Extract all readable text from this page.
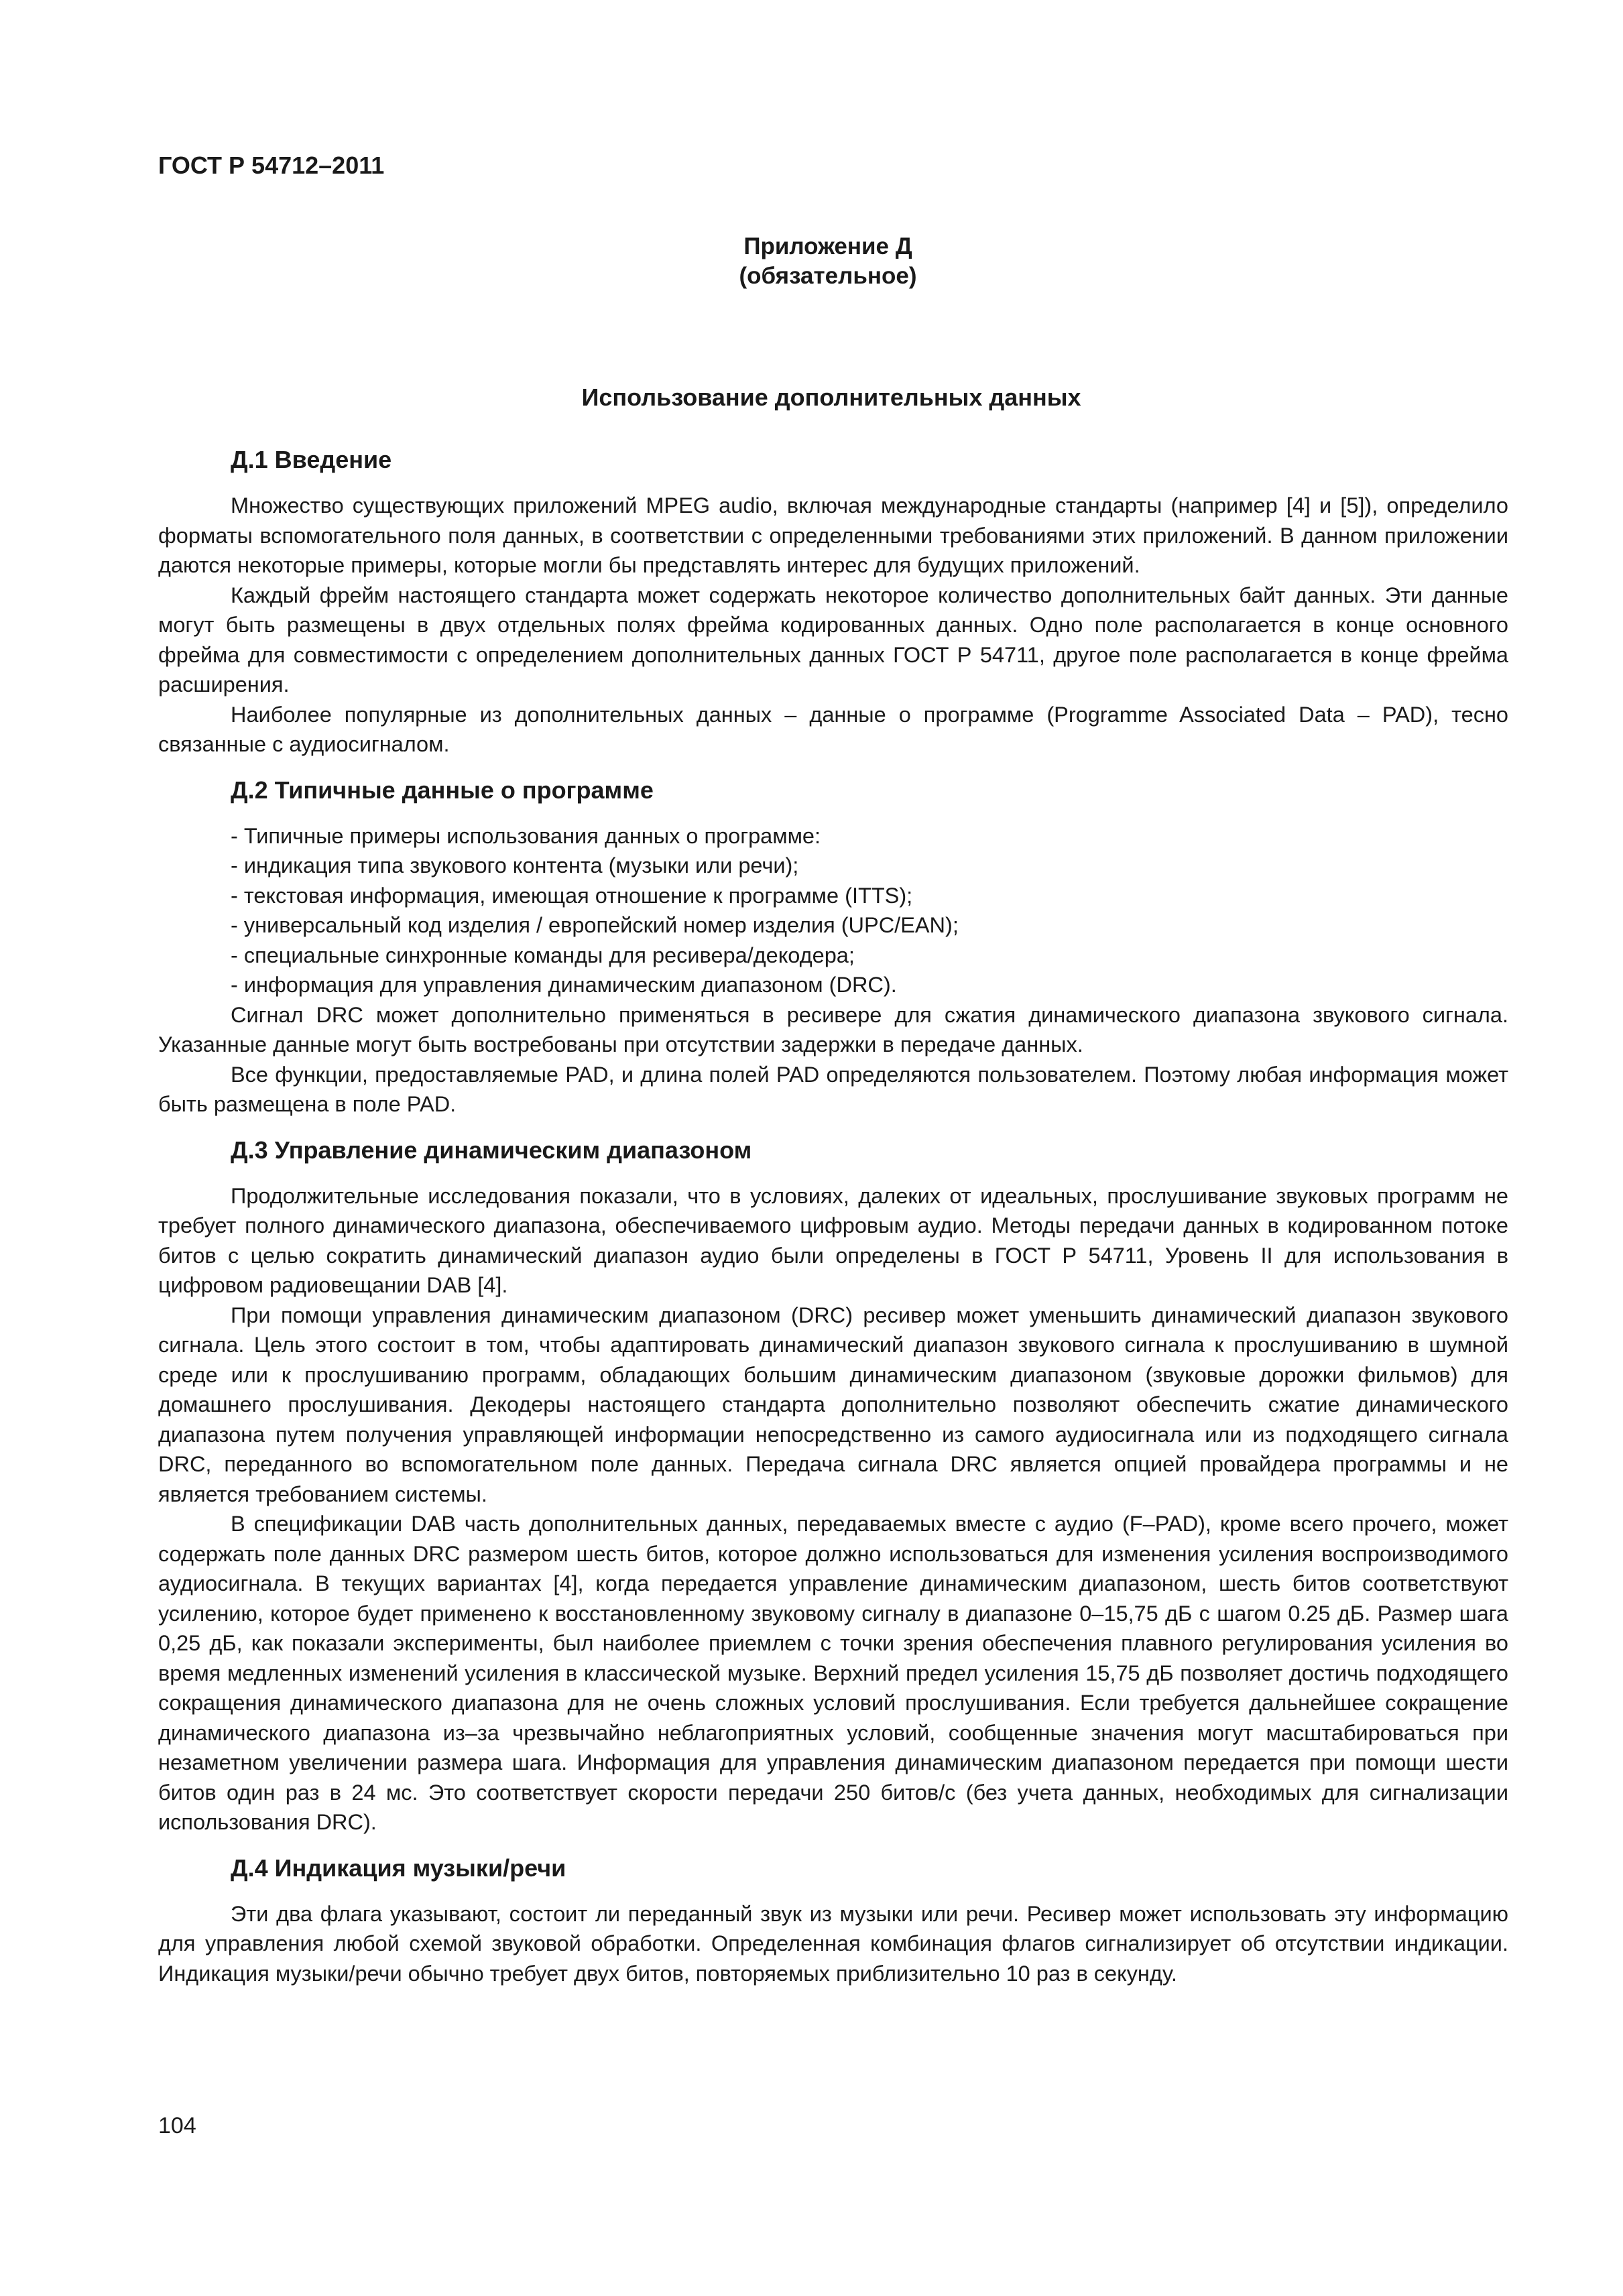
ГОСТ Р 54712–2011
Приложение Д
(обязательное)
Использование дополнительных данных
Д.1 Введение

Множество существующих приложений MPEG audio, включая международные стандарты (например [4] и [5]), определило форматы вспомогательного поля данных, в соответствии с определенными требованиями этих приложений. В данном приложении даются некоторые примеры, которые могли бы представлять интерес для будущих приложений.

Каждый фрейм настоящего стандарта может содержать некоторое количество дополнительных байт данных. Эти данные могут быть размещены в двух отдельных полях фрейма кодированных данных. Одно поле располагается в конце основного фрейма для совместимости с определением дополнительных данных ГОСТ Р 54711, другое поле располагается в конце фрейма расширения.

Наиболее популярные из дополнительных данных – данные о программе (Programme Associated Data – PAD), тесно связанные с аудиосигналом.

Д.2 Типичные данные о программе
- Типичные примеры использования данных о программе:
- индикация типа звукового контента (музыки или речи);
- текстовая информация, имеющая отношение к программе (ITTS);
- универсальный код изделия / европейский номер изделия (UPC/EAN);
- специальные синхронные команды для ресивера/декодера;
- информация для управления динамическим диапазоном (DRC).

Сигнал DRC может дополнительно применяться в ресивере для сжатия динамического диапазона звукового сигнала. Указанные данные могут быть востребованы при отсутствии задержки в передаче данных.

Все функции, предоставляемые PAD, и длина полей PAD определяются пользователем. Поэтому любая информация может быть размещена в поле PAD.

Д.3 Управление динамическим диапазоном

Продолжительные исследования показали, что в условиях, далеких от идеальных, прослушивание звуковых программ не требует полного динамического диапазона, обеспечиваемого цифровым аудио. Методы передачи данных в кодированном потоке битов с целью сократить динамический диапазон аудио были определены в ГОСТ Р 54711, Уровень II для использования в цифровом радиовещании DAB [4].

При помощи управления динамическим диапазоном (DRC) ресивер может уменьшить динамический диапазон звукового сигнала. Цель этого состоит в том, чтобы адаптировать динамический диапазон звукового сигнала к прослушиванию в шумной среде или к прослушиванию программ, обладающих большим динамическим диапазоном (звуковые дорожки фильмов) для домашнего прослушивания. Декодеры настоящего стандарта дополнительно позволяют обеспечить сжатие динамического диапазона путем получения управляющей информации непосредственно из самого аудиосигнала или из подходящего сигнала DRC, переданного во вспомогательном поле данных. Передача сигнала DRC является опцией провайдера программы и не является требованием системы.

В спецификации DAB часть дополнительных данных, передаваемых вместе с аудио (F–PAD), кроме всего прочего, может содержать поле данных DRC размером шесть битов, которое должно использоваться для изменения усиления воспроизводимого аудиосигнала. В текущих вариантах [4], когда передается управление динамическим диапазоном, шесть битов соответствуют усилению, которое будет применено к восстановленному звуковому сигналу в диапазоне 0–15,75 дБ с шагом 0.25 дБ. Размер шага 0,25 дБ, как показали эксперименты, был наиболее приемлем с точки зрения обеспечения плавного регулирования усиления во время медленных изменений усиления в классической музыке. Верхний предел усиления 15,75 дБ позволяет достичь подходящего сокращения динамического диапазона для не очень сложных условий прослушивания. Если требуется дальнейшее сокращение динамического диапазона из–за чрезвычайно неблагоприятных условий, сообщенные значения могут масштабироваться при незаметном увеличении размера шага. Информация для управления динамическим диапазоном передается при помощи шести битов один раз в 24 мс. Это соответствует скорости передачи 250 битов/с (без учета данных, необходимых для сигнализации использования DRC).

Д.4 Индикация музыки/речи

Эти два флага указывают, состоит ли переданный звук из музыки или речи. Ресивер может использовать эту информацию для управления любой схемой звуковой обработки. Определенная комбинация флагов сигнализирует об отсутствии индикации. Индикация музыки/речи обычно требует двух битов, повторяемых приблизительно 10 раз в секунду.

104
